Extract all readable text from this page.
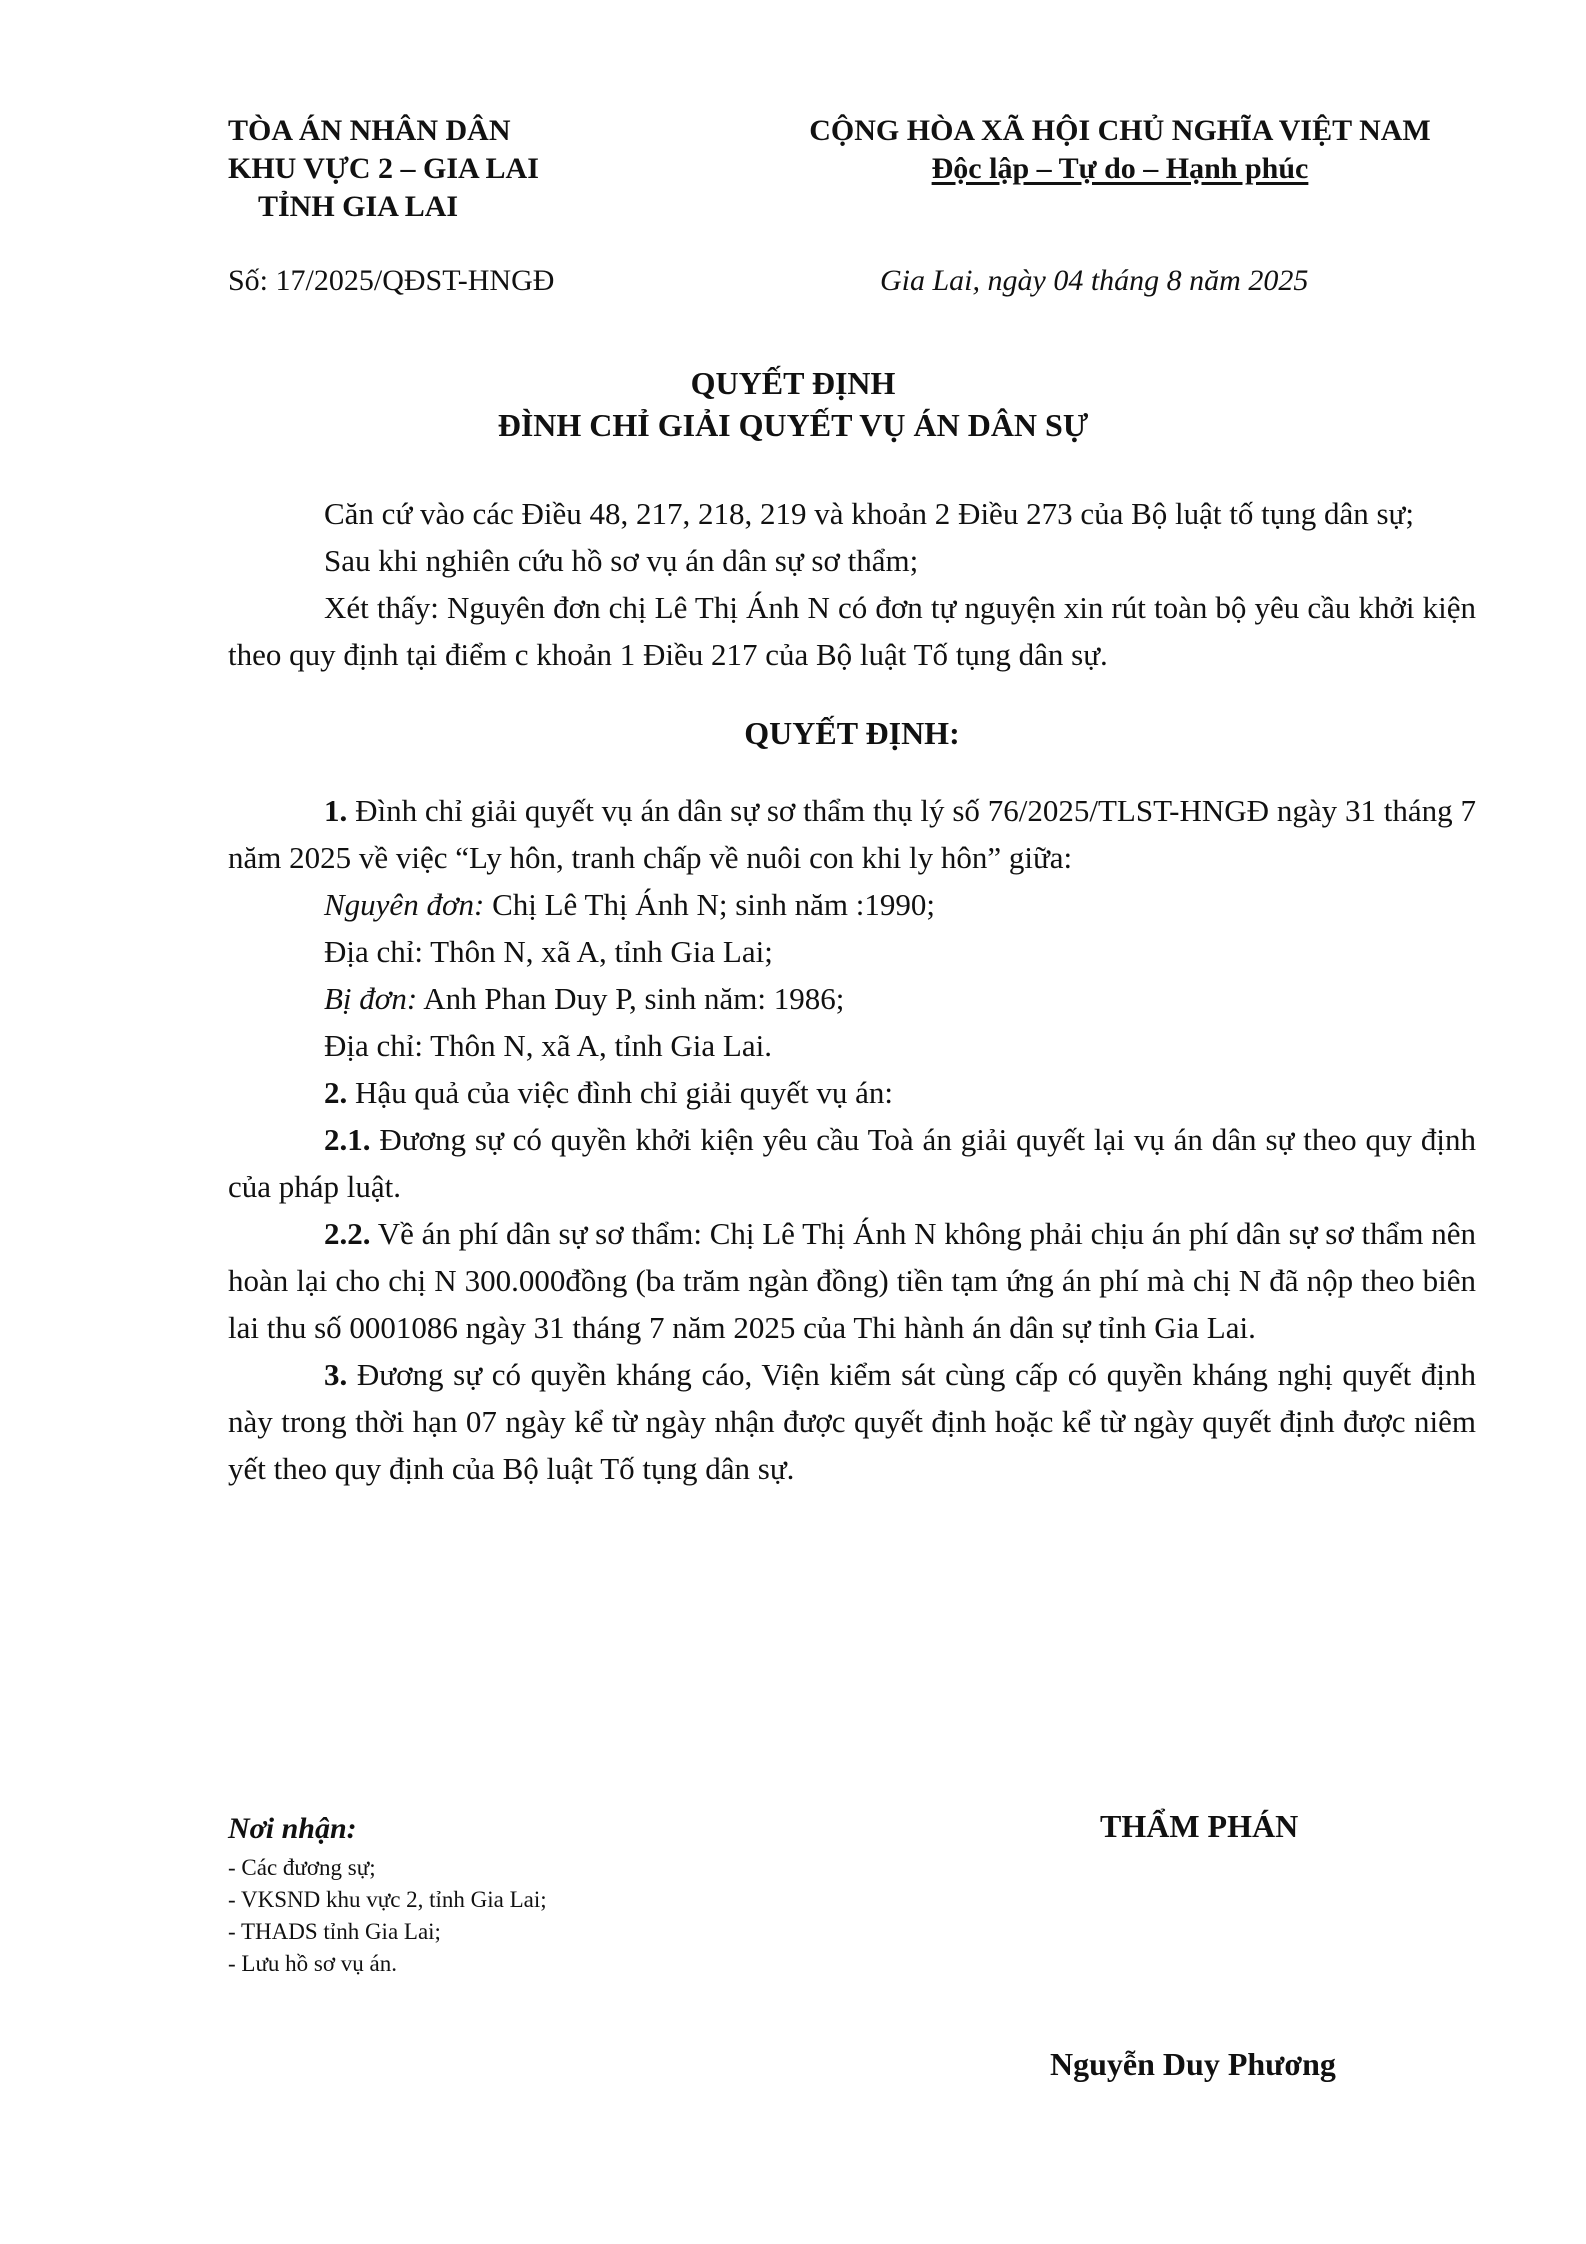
TÒA ÁN NHÂN DÂN
KHU VỰC 2 – GIA LAI
TỈNH GIA LAI
CỘNG HÒA XÃ HỘI CHỦ NGHĨA VIỆT NAM
Độc lập – Tự do – Hạnh phúc
Số: 17/2025/QĐST-HNGĐ	Gia Lai, ngày 04 tháng 8 năm 2025
QUYẾT ĐỊNH
ĐÌNH CHỈ GIẢI QUYẾT VỤ ÁN DÂN SỰ

Căn cứ vào các Điều 48, 217, 218, 219 và khoản 2 Điều 273 của Bộ luật tố tụng dân sự;

Sau khi nghiên cứu hồ sơ vụ án dân sự sơ thẩm;

Xét thấy: Nguyên đơn chị Lê Thị Ánh N có đơn tự nguyện xin rút toàn bộ yêu cầu khởi kiện theo quy định tại điểm c khoản 1 Điều 217 của Bộ luật Tố tụng dân sự.

QUYẾT ĐỊNH:

1. Đình chỉ giải quyết vụ án dân sự sơ thẩm thụ lý số 76/2025/TLST-HNGĐ ngày 31 tháng 7 năm 2025 về việc “Ly hôn, tranh chấp về nuôi con khi ly hôn” giữa:

Nguyên đơn: Chị Lê Thị Ánh N; sinh năm :1990;

Địa chỉ: Thôn N, xã A, tỉnh Gia Lai;

Bị đơn: Anh Phan Duy P, sinh năm: 1986;

Địa chỉ: Thôn N, xã A, tỉnh Gia Lai.

2. Hậu quả của việc đình chỉ giải quyết vụ án:

2.1. Đương sự có quyền khởi kiện yêu cầu Toà án giải quyết lại vụ án dân sự theo quy định của pháp luật.

2.2. Về án phí dân sự sơ thẩm: Chị Lê Thị Ánh N không phải chịu án phí dân sự sơ thẩm nên hoàn lại cho chị N 300.000đồng (ba trăm ngàn đồng) tiền tạm ứng án phí mà chị N đã nộp theo biên lai thu số 0001086 ngày 31 tháng 7 năm 2025 của Thi hành án dân sự tỉnh Gia Lai.

3. Đương sự có quyền kháng cáo, Viện kiểm sát cùng cấp có quyền kháng nghị quyết định này trong thời hạn 07 ngày kể từ ngày nhận được quyết định hoặc kể từ ngày quyết định được niêm yết theo quy định của Bộ luật Tố tụng dân sự.

Nơi nhận:
- Các đương sự;
- VKSND khu vực 2, tỉnh Gia Lai;
- THADS tỉnh Gia Lai;
- Lưu hồ sơ vụ án.
THẨM PHÁN
Nguyễn Duy Phương
